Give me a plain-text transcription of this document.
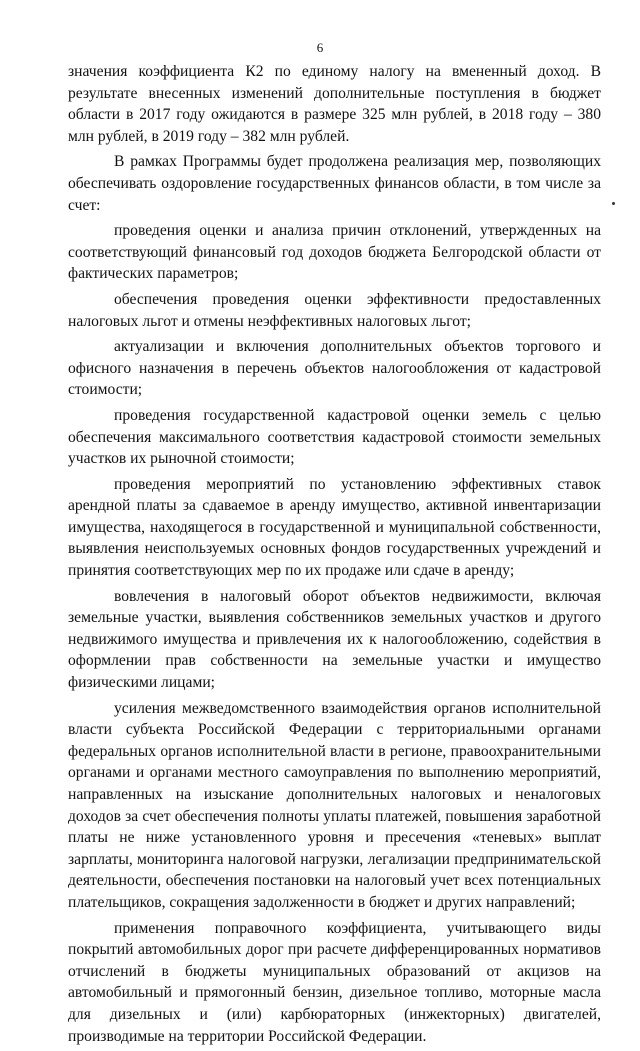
6

значения коэффициента К2 по единому налогу на вмененный доход. В результате внесенных изменений дополнительные поступления в бюджет области в 2017 году ожидаются в размере 325 млн рублей, в 2018 году – 380 млн рублей, в 2019 году – 382 млн рублей.

В рамках Программы будет продолжена реализация мер, позволяющих обеспечивать оздоровление государственных финансов области, в том числе за счет:

проведения оценки и анализа причин отклонений, утвержденных на соответствующий финансовый год доходов бюджета Белгородской области от фактических параметров;

обеспечения проведения оценки эффективности предоставленных налоговых льгот и отмены неэффективных налоговых льгот;

актуализации и включения дополнительных объектов торгового и офисного назначения в перечень объектов налогообложения от кадастровой стоимости;

проведения государственной кадастровой оценки земель с целью обеспечения максимального соответствия кадастровой стоимости земельных участков их рыночной стоимости;

проведения мероприятий по установлению эффективных ставок арендной платы за сдаваемое в аренду имущество, активной инвентаризации имущества, находящегося в государственной и муниципальной собственности, выявления неиспользуемых основных фондов государственных учреждений и принятия соответствующих мер по их продаже или сдаче в аренду;

вовлечения в налоговый оборот объектов недвижимости, включая земельные участки, выявления собственников земельных участков и другого недвижимого имущества и привлечения их к налогообложению, содействия в оформлении прав собственности на земельные участки и имущество физическими лицами;

усиления межведомственного взаимодействия органов исполнительной власти субъекта Российской Федерации с территориальными органами федеральных органов исполнительной власти в регионе, правоохранительными органами и органами местного самоуправления по выполнению мероприятий, направленных на изыскание дополнительных налоговых и неналоговых доходов за счет обеспечения полноты уплаты платежей, повышения заработной платы не ниже установленного уровня и пресечения «теневых» выплат зарплаты, мониторинга налоговой нагрузки, легализации предпринимательской деятельности, обеспечения постановки на налоговый учет всех потенциальных плательщиков, сокращения задолженности в бюджет и других направлений;

применения поправочного коэффициента, учитывающего виды покрытий автомобильных дорог при расчете дифференцированных нормативов отчислений в бюджеты муниципальных образований от акцизов на автомобильный и прямогонный бензин, дизельное топливо, моторные масла для дизельных и (или) карбюраторных (инжекторных) двигателей, производимые на территории Российской Федерации.
